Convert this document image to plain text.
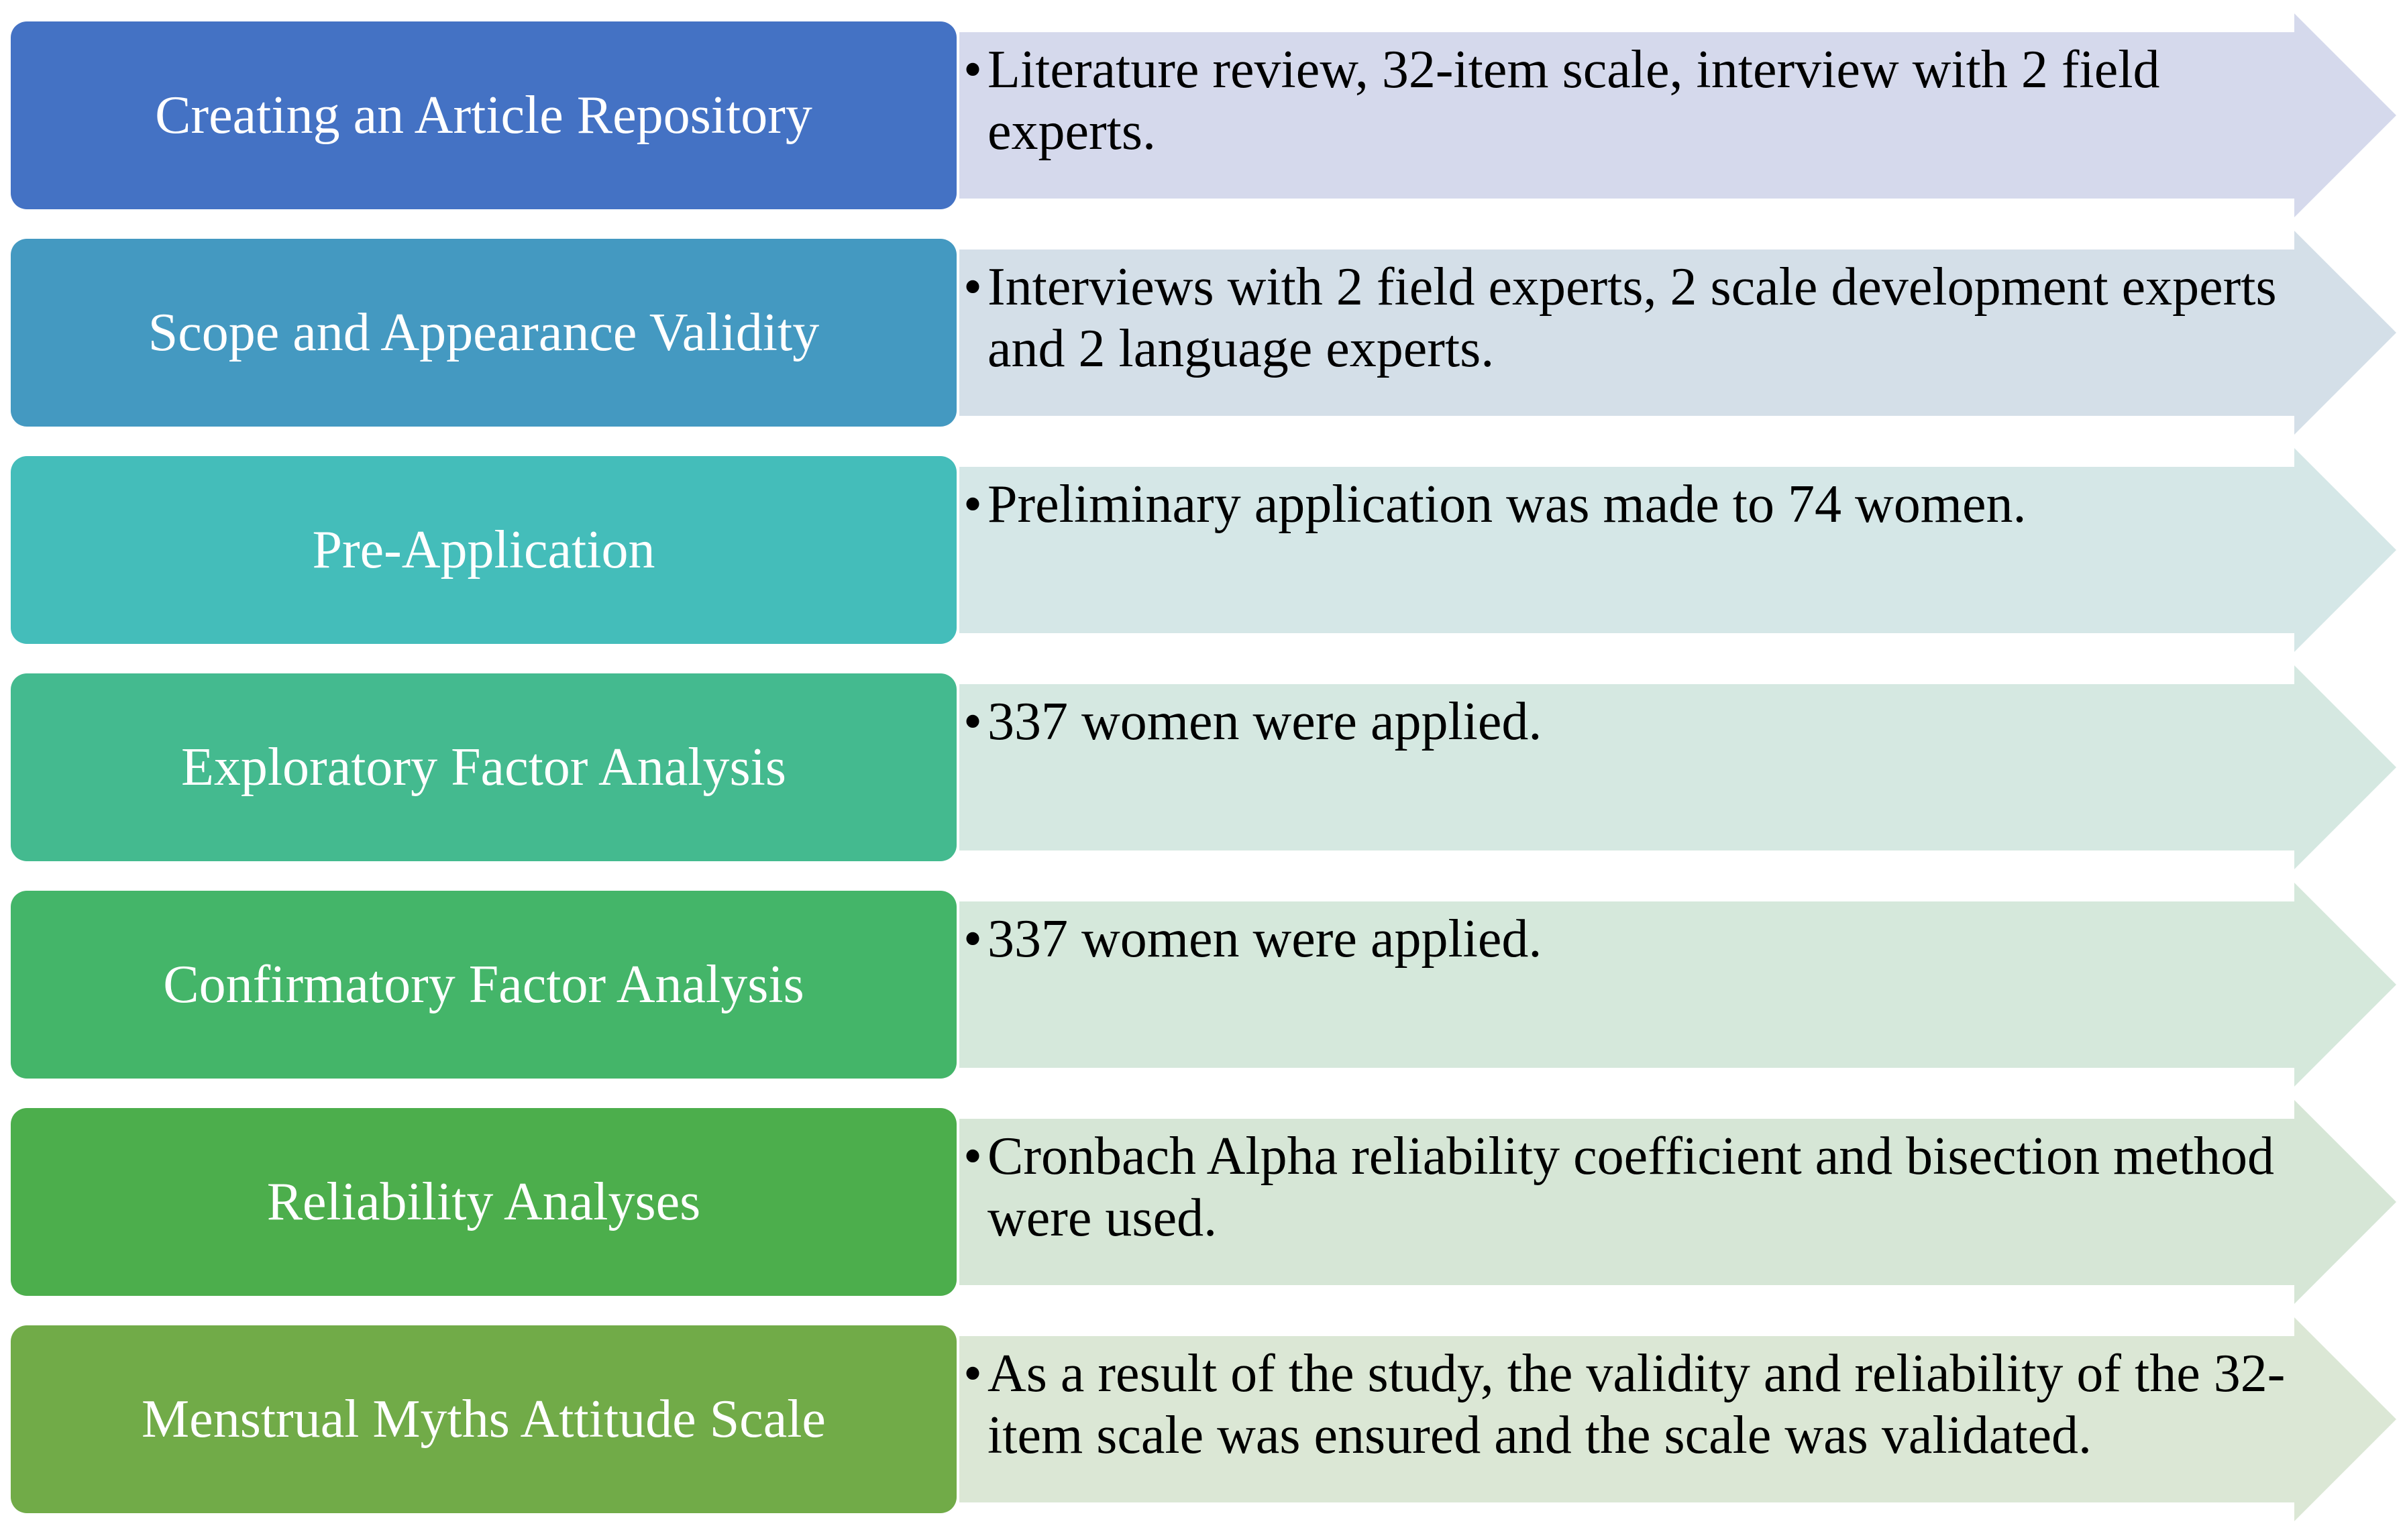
Creating an Article Repository
• Literature review, 32-item scale, interview with 2 field experts.
Scope and Appearance Validity
• Interviews with 2 field experts, 2 scale development experts and 2 language experts.
Pre-Application
• Preliminary application was made to 74 women.
Exploratory Factor Analysis
• 337 women were applied.
Confirmatory Factor Analysis
• 337 women were applied.
Reliability Analyses
• Cronbach Alpha reliability coefficient and bisection method were used.
Menstrual Myths Attitude Scale
• As a result of the study, the validity and reliability of the 32-item scale was ensured and the scale was validated.
